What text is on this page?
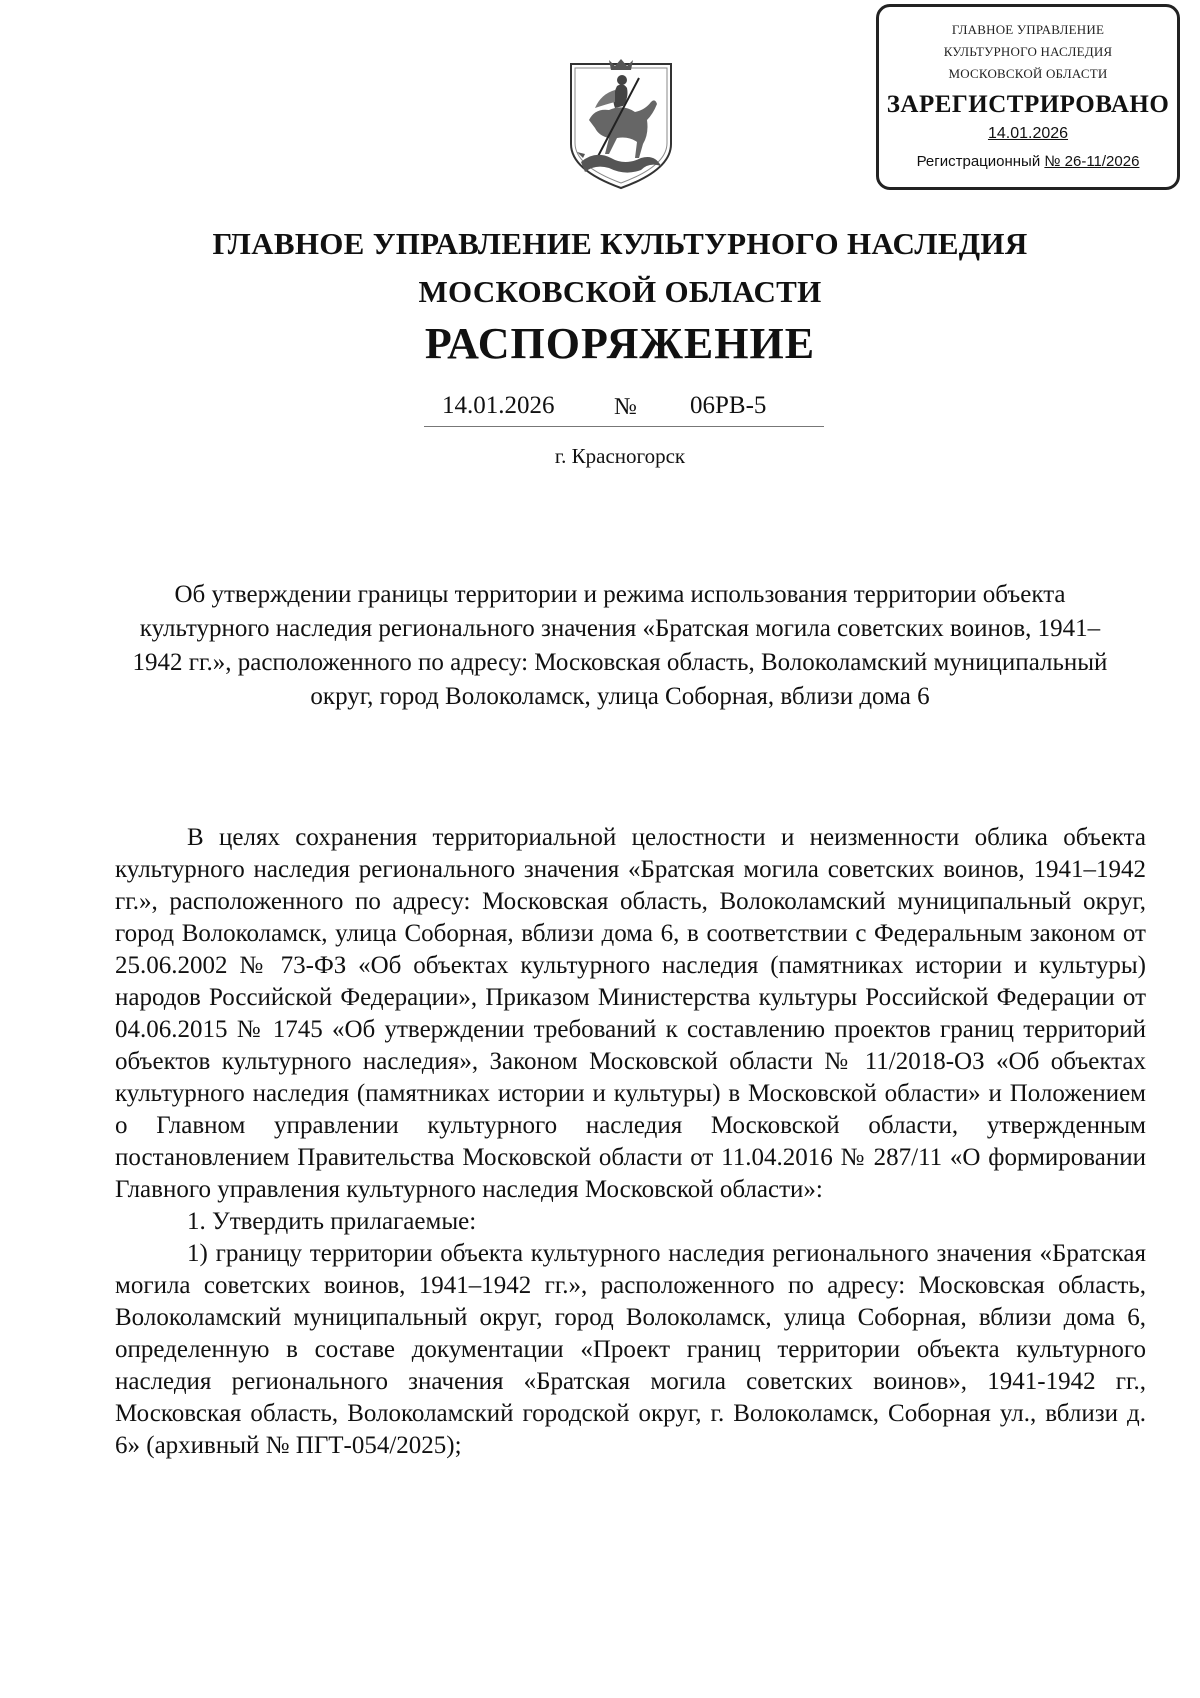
ГЛАВНОЕ УПРАВЛЕНИЕ
КУЛЬТУРНОГО НАСЛЕДИЯ
МОСКОВСКОЙ ОБЛАСТИ
ЗАРЕГИСТРИРОВАНО
14.01.2026
Регистрационный № 26-11/2026
ГЛАВНОЕ УПРАВЛЕНИЕ КУЛЬТУРНОГО НАСЛЕДИЯ
МОСКОВСКОЙ ОБЛАСТИ
РАСПОРЯЖЕНИЕ
14.01.2026 № 06РВ-5
г. Красногорск
Об утверждении границы территории и режима использования территории объекта культурного наследия регионального значения «Братская могила советских воинов, 1941–1942 гг.», расположенного по адресу: Московская область, Волоколамский муниципальный округ, город Волоколамск, улица Соборная, вблизи дома 6

В целях сохранения территориальной целостности и неизменности облика объекта культурного наследия регионального значения «Братская могила советских воинов, 1941–1942 гг.», расположенного по адресу: Московская область, Волоколамский муниципальный округ, город Волоколамск, улица Соборная, вблизи дома 6, в соответствии с Федеральным законом от 25.06.2002 № 73-ФЗ «Об объектах культурного наследия (памятниках истории и культуры) народов Российской Федерации», Приказом Министерства культуры Российской Федерации от 04.06.2015 № 1745 «Об утверждении требований к составлению проектов границ территорий объектов культурного наследия», Законом Московской области № 11/2018-ОЗ «Об объектах культурного наследия (памятниках истории и культуры) в Московской области» и Положением о Главном управлении культурного наследия Московской области, утвержденным постановлением Правительства Московской области от 11.04.2016 № 287/11 «О формировании Главного управления культурного наследия Московской области»:

1. Утвердить прилагаемые:

1) границу территории объекта культурного наследия регионального значения «Братская могила советских воинов, 1941–1942 гг.», расположенного по адресу: Московская область, Волоколамский муниципальный округ, город Волоколамск, улица Соборная, вблизи дома 6, определенную в составе документации «Проект границ территории объекта культурного наследия регионального значения «Братская могила советских воинов», 1941-1942 гг., Московская область, Волоколамский городской округ, г. Волоколамск, Соборная ул., вблизи д. 6» (архивный № ПГТ-054/2025);
